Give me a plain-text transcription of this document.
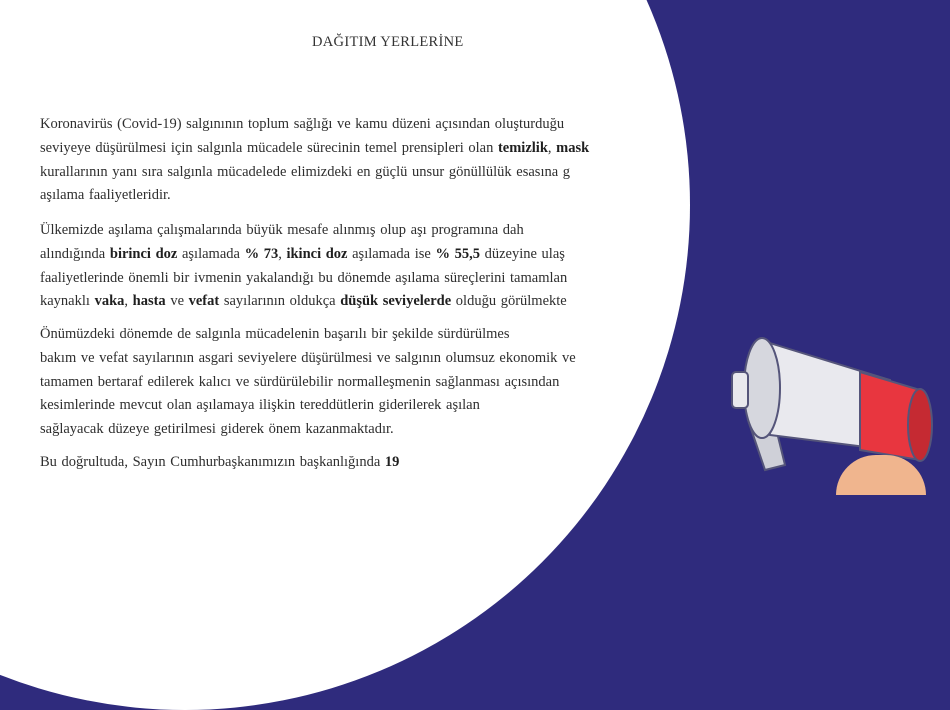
DAĞITIM YERLERİNE
Koronavirüs (Covid-19) salgınının toplum sağlığı ve kamu düzeni açısından oluşturduğu
seviyeye düşürülmesi için salgınla mücadele sürecinin temel prensipleri olan temizlik, mask
kurallarının yanı sıra salgınla mücadelede elimizdeki en güçlü unsur gönüllülük esasına g
aşılama faaliyetleridir.
Ülkemizde aşılama çalışmalarında büyük mesafe alınmış olup aşı programına dah
alındığında birinci doz aşılamada % 73, ikinci doz aşılamada ise % 55,5 düzeyine ulaş
faaliyetlerinde önemli bir ivmenin yakalandığı bu dönemde aşılama süreçlerini tamamlan
kaynaklı vaka, hasta ve vefat sayılarının oldukça düşük seviyelerde olduğu görülmekte
Önümüzdeki dönemde de salgınla mücadelenin başarılı bir şekilde sürdürülmes
bakım ve vefat sayılarının asgari seviyelere düşürülmesi ve salgının olumsuz ekonomik ve
tamamen bertaraf edilerek kalıcı ve sürdürülebilir normalleşmenin sağlanması açısından
kesimlerinde mevcut olan aşılamaya ilişkin tereddütlerin giderilerek aşılan
sağlayacak düzeye getirilmesi giderek önem kazanmaktadır.
Bu doğrultuda, Sayın Cumhurbaşkanımızın başkanlığında 19
